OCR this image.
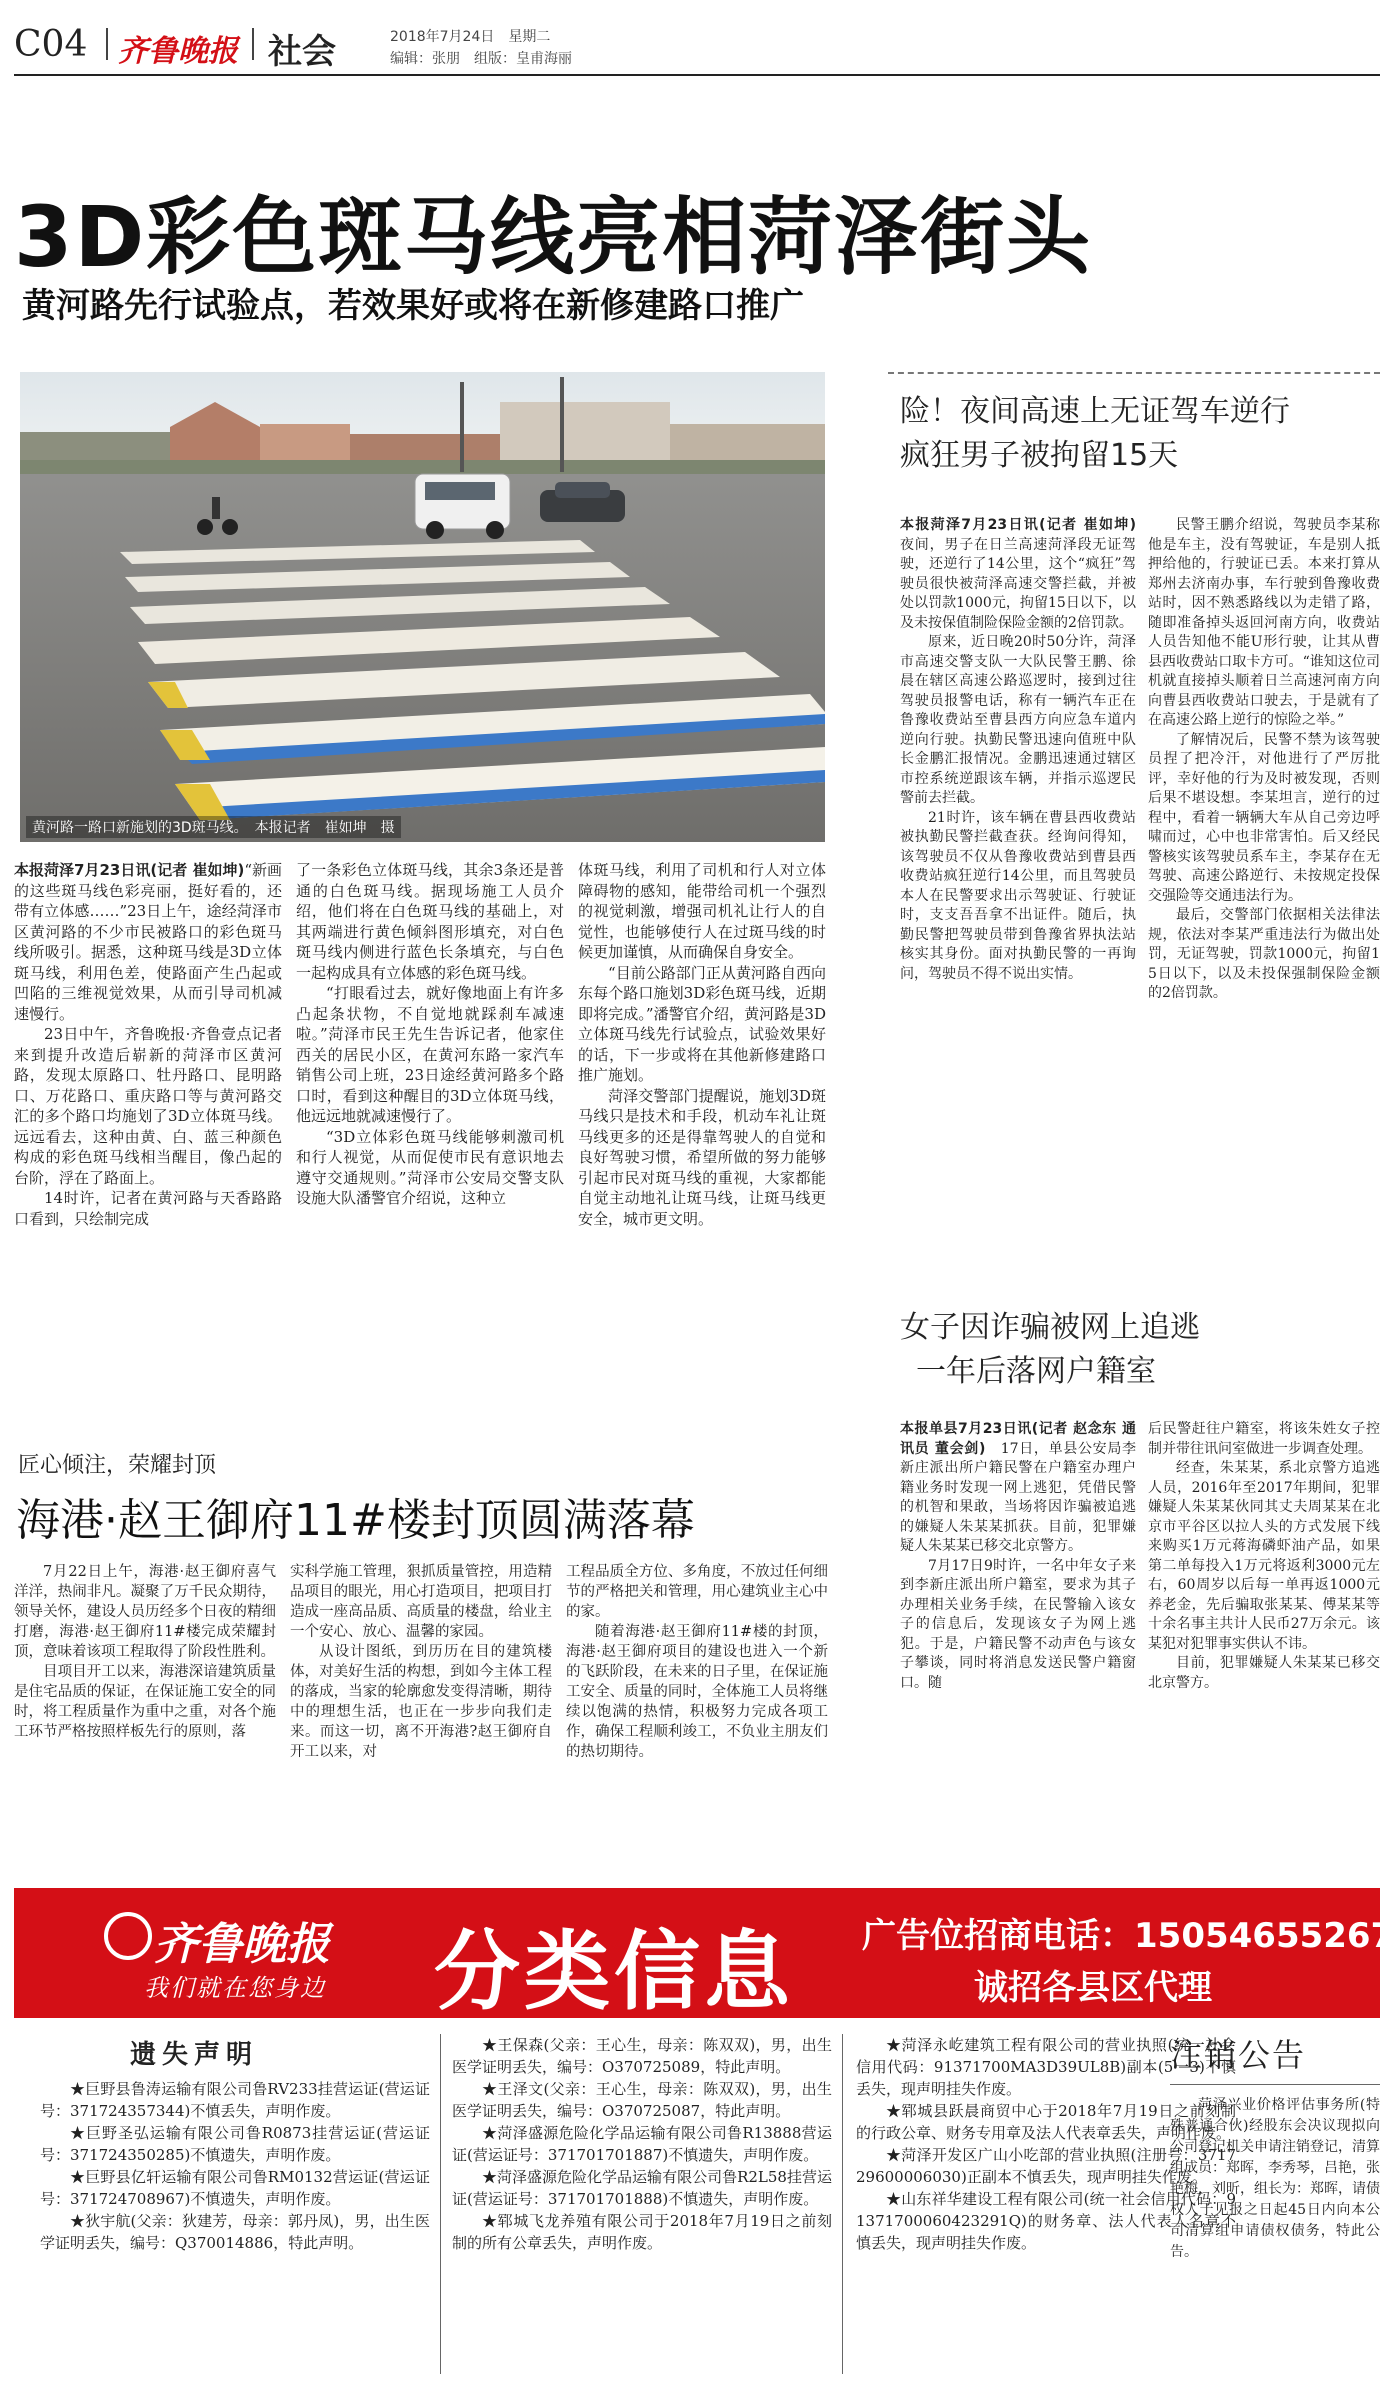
C04 齐鲁晚报 社会	2018年7月24日　星期二
编辑：张朋　组版：皇甫海丽
3D彩色斑马线亮相菏泽街头
黄河路先行试验点，若效果好或将在新修建路口推广
黄河路一路口新施划的3D斑马线。　本报记者　崔如坤　摄

本报菏泽7月23日讯(记者 崔如坤)“新画的这些斑马线色彩亮丽，挺好看的，还带有立体感……”23日上午，途经菏泽市区黄河路的不少市民被路口的彩色斑马线所吸引。据悉，这种斑马线是3D立体斑马线，利用色差，使路面产生凸起或凹陷的三维视觉效果，从而引导司机减速慢行。

23日中午，齐鲁晚报·齐鲁壹点记者来到提升改造后崭新的菏泽市区黄河路，发现太原路口、牡丹路口、昆明路口、万花路口、重庆路口等与黄河路交汇的多个路口均施划了3D立体斑马线。远远看去，这种由黄、白、蓝三种颜色构成的彩色斑马线相当醒目，像凸起的台阶，浮在了路面上。

14时许，记者在黄河路与天香路路口看到，只绘制完成

了一条彩色立体斑马线，其余3条还是普通的白色斑马线。据现场施工人员介绍，他们将在白色斑马线的基础上，对其两端进行黄色倾斜图形填充，对白色斑马线内侧进行蓝色长条填充，与白色一起构成具有立体感的彩色斑马线。

“打眼看过去，就好像地面上有许多凸起条状物，不自觉地就踩刹车减速啦。”菏泽市民王先生告诉记者，他家住西关的居民小区，在黄河东路一家汽车销售公司上班，23日途经黄河路多个路口时，看到这种醒目的3D立体斑马线，他远远地就减速慢行了。

“3D立体彩色斑马线能够刺激司机和行人视觉，从而促使市民有意识地去遵守交通规则。”菏泽市公安局交警支队设施大队潘警官介绍说，这种立

体斑马线，利用了司机和行人对立体障碍物的感知，能带给司机一个强烈的视觉刺激，增强司机礼让行人的自觉性，也能够使行人在过斑马线的时候更加谨慎，从而确保自身安全。

“目前公路部门正从黄河路自西向东每个路口施划3D彩色斑马线，近期即将完成。”潘警官介绍，黄河路是3D立体斑马线先行试验点，试验效果好的话，下一步或将在其他新修建路口推广施划。

菏泽交警部门提醒说，施划3D斑马线只是技术和手段，机动车礼让斑马线更多的还是得靠驾驶人的自觉和良好驾驶习惯，希望所做的努力能够引起市民对斑马线的重视，大家都能自觉主动地礼让斑马线，让斑马线更安全，城市更文明。

险！夜间高速上无证驾车逆行
疯狂男子被拘留15天

本报菏泽7月23日讯(记者 崔如坤)　夜间，男子在日兰高速菏泽段无证驾驶，还逆行了14公里，这个“疯狂”驾驶员很快被菏泽高速交警拦截，并被处以罚款1000元，拘留15日以下，以及未按保值制险保险金额的2倍罚款。

原来，近日晚20时50分许，菏泽市高速交警支队一大队民警王鹏、徐晨在辖区高速公路巡逻时，接到过往驾驶员报警电话，称有一辆汽车正在鲁豫收费站至曹县西方向应急车道内逆向行驶。执勤民警迅速向值班中队长金鹏汇报情况。金鹏迅速通过辖区市控系统逆跟该车辆，并指示巡逻民警前去拦截。

21时许，该车辆在曹县西收费站被执勤民警拦截查获。经询问得知，该驾驶员不仅从鲁豫收费站到曹县西收费站疯狂逆行14公里，而且驾驶员本人在民警要求出示驾驶证、行驶证时，支支吾吾拿不出证件。随后，执勤民警把驾驶员带到鲁豫省界执法站核实其身份。面对执勤民警的一再询问，驾驶员不得不说出实情。

民警王鹏介绍说，驾驶员李某称他是车主，没有驾驶证，车是别人抵押给他的，行驶证已丢。本来打算从郑州去济南办事，车行驶到鲁豫收费站时，因不熟悉路线以为走错了路，随即准备掉头返回河南方向，收费站人员告知他不能U形行驶，让其从曹县西收费站口取卡方可。“谁知这位司机就直接掉头顺着日兰高速河南方向向曹县西收费站口驶去，于是就有了在高速公路上逆行的惊险之举。”

了解情况后，民警不禁为该驾驶员捏了把冷汗，对他进行了严厉批评，幸好他的行为及时被发现，否则后果不堪设想。李某坦言，逆行的过程中，看着一辆辆大车从自己旁边呼啸而过，心中也非常害怕。后又经民警核实该驾驶员系车主，李某存在无驾驶、高速公路逆行、未按规定投保交强险等交通违法行为。

最后，交警部门依据相关法律法规，依法对李某严重违法行为做出处罚，无证驾驶，罚款1000元，拘留15日以下，以及未投保强制保险金额的2倍罚款。

女子因诈骗被网上追逃
一年后落网户籍室

本报单县7月23日讯(记者 赵念东 通讯员 董会剑)　 17日，单县公安局李新庄派出所户籍民警在户籍室办理户籍业务时发现一网上逃犯，凭借民警的机智和果敢，当场将因诈骗被追逃的嫌疑人朱某某抓获。目前，犯罪嫌疑人朱某某已移交北京警方。

7月17日9时许，一名中年女子来到李新庄派出所户籍室，要求为其子办理相关业务手续，在民警输入该女子的信息后，发现该女子为网上逃犯。于是，户籍民警不动声色与该女子攀谈，同时将消息发送民警户籍窗口。随

后民警赶往户籍室，将该朱姓女子控制并带往讯问室做进一步调查处理。

经查，朱某某，系北京警方追逃人员，2016年至2017年期间，犯罪嫌疑人朱某某伙同其丈夫周某某在北京市平谷区以拉人头的方式发展下线来购买1万元蒋海磷虾油产品，如果第二单每投入1万元将返利3000元左右，60周岁以后每一单再返1000元养老金，先后骗取张某某、傅某某等十余名事主共计人民币27万余元。该某犯对犯罪事实供认不讳。

目前，犯罪嫌疑人朱某某已移交北京警方。

匠心倾注，荣耀封顶
海港·赵王御府11#楼封顶圆满落幕

7月22日上午，海港·赵王御府喜气洋洋，热闹非凡。凝聚了万千民众期待，领导关怀，建设人员历经多个日夜的精细打磨，海港·赵王御府11#楼完成荣耀封顶，意味着该项工程取得了阶段性胜利。

目项目开工以来，海港深谙建筑质量是住宅品质的保证，在保证施工安全的同时，将工程质量作为重中之重，对各个施工环节严格按照样板先行的原则，落

实科学施工管理，狠抓质量管控，用造精品项目的眼光，用心打造项目，把项目打造成一座高品质、高质量的楼盘，给业主一个安心、放心、温馨的家园。

从设计图纸，到历历在目的建筑楼体，对美好生活的构想，到如今主体工程的落成，当家的轮廓愈发变得清晰，期待中的理想生活，也正在一步步向我们走来。而这一切，离不开海港?赵王御府自开工以来，对

工程品质全方位、多角度，不放过任何细节的严格把关和管理，用心建筑业主心中的家。

随着海港·赵王御府11#楼的封顶，海港·赵王御府项目的建设也进入一个新的飞跃阶段，在未来的日子里，在保证施工安全、质量的同时，全体施工人员将继续以饱满的热情，积极努力完成各项工作，确保工程顺利竣工，不负业主朋友们的热切期待。

齐鲁晚报
我们就在您身边 分类信息 广告位招商电话：15054655267
诚招各县区代理
遗失声明

★巨野县鲁涛运输有限公司鲁RV233挂营运证(营运证号：371724357344)不慎丢失，声明作废。

★巨野圣弘运输有限公司鲁R0873挂营运证(营运证号：371724350285)不慎遗失，声明作废。

★巨野县亿轩运输有限公司鲁RM0132营运证(营运证号：371724708967)不慎遗失，声明作废。

★狄宇航(父亲：狄建芳，母亲：郭丹凤)，男，出生医学证明丢失，编号：Q370014886，特此声明。

★王保森(父亲：王心生，母亲：陈双双)，男，出生医学证明丢失，编号：O370725089，特此声明。

★王泽文(父亲：王心生，母亲：陈双双)，男，出生医学证明丢失，编号：O370725087，特此声明。

★菏泽盛源危险化学品运输有限公司鲁R13888营运证(营运证号：371701701887)不慎遗失，声明作废。

★菏泽盛源危险化学品运输有限公司鲁R2L58挂营运证(营运证号：371701701888)不慎遗失，声明作废。

★郓城飞龙养殖有限公司于2018年7月19日之前刻制的所有公章丢失，声明作废。

★菏泽永屹建筑工程有限公司的营业执照(统一社会信用代码：91371700MA3D39UL8B)副本(5一3)不慎丢失，现声明挂失作废。

★郓城县跃晨商贸中心于2018年7月19日之前刻制的行政公章、财务专用章及法人代表章丢失，声明作废。

★菏泽开发区广山小吃部的营业执照(注册号：371729600006030)正副本不慎丢失，现声明挂失作废。

★山东祥华建设工程有限公司(统一社会信用代码：91371700060423291Q)的财务章、法人代表人名章不慎丢失，现声明挂失作废。

注销公告

菏泽兴业价格评估事务所(特殊普通合伙)经股东会决议现拟向公司登记机关申请注销登记，清算组成员：郑晖，李秀琴，吕艳，张艳梅，刘昕，组长为：郑晖，请债权人于见报之日起45日内向本公司清算组申请债权债务，特此公告。
